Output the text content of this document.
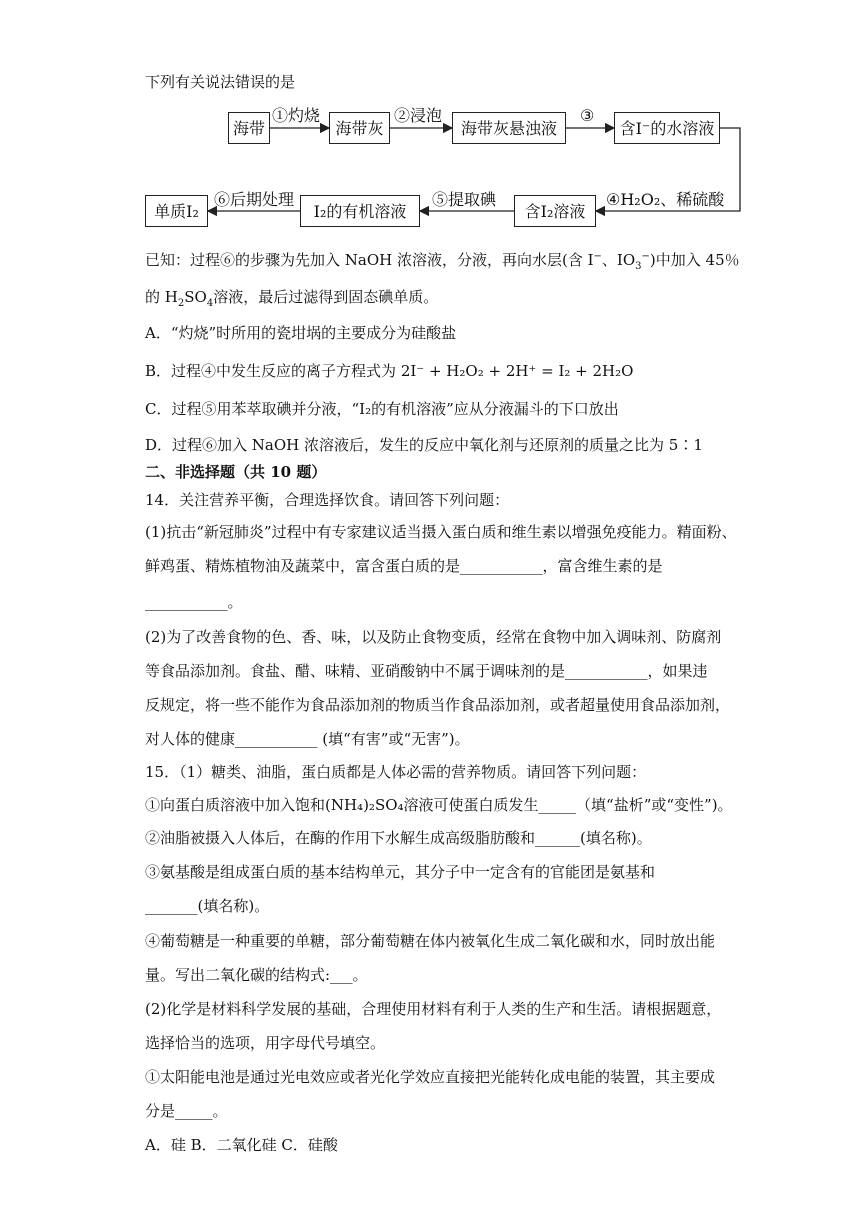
下列有关说法错误的是
海带	海带灰	海带灰悬浊液	含I⁻的水溶液
含I₂溶液
I₂的有机溶液
单质I₂
①灼烧	②浸泡	③
④H₂O₂、稀硫酸
⑤提取碘
⑥后期处理
已知：过程⑥的步骤为先加入 NaOH 浓溶液，分液，再向水层(含 I−、$IO_3^-$)中加入 45％
的 $H_2SO_4$溶液，最后过滤得到固态碘单质。
A．“灼烧”时所用的瓷坩埚的主要成分为硅酸盐
B．过程④中发生反应的离子方程式为 2I⁻ + H₂O₂ + 2H⁺ = I₂ + 2H₂O
C．过程⑤用苯萃取碘并分液，“I₂的有机溶液”应从分液漏斗的下口放出
D．过程⑥加入 NaOH 浓溶液后，发生的反应中氧化剂与还原剂的质量之比为 5∶1
二、非选择题（共 10 题）
14．关注营养平衡，合理选择饮食。请回答下列问题：
(1)抗击“新冠肺炎”过程中有专家建议适当摄入蛋白质和维生素以增强免疫能力。精面粉、
鲜鸡蛋、精炼植物油及蔬菜中，富含蛋白质的是___________，富含维生素的是
___________。
(2)为了改善食物的色、香、味，以及防止食物变质，经常在食物中加入调味剂、防腐剂
等食品添加剂。食盐、醋、味精、亚硝酸钠中不属于调味剂的是___________，如果违
反规定，将一些不能作为食品添加剂的物质当作食品添加剂，或者超量使用食品添加剂，
对人体的健康___________ (填“有害”或“无害”)。
15．（1）糖类、油脂，蛋白质都是人体必需的营养物质。请回答下列问题：
①向蛋白质溶液中加入饱和(NH₄)₂SO₄溶液可使蛋白质发生_____（填“盐析”或“变性”)。
②油脂被摄入人体后，在酶的作用下水解生成高级脂肪酸和______(填名称)。
③氨基酸是组成蛋白质的基本结构单元，其分子中一定含有的官能团是氨基和
_______(填名称)。
④葡萄糖是一种重要的单糖，部分葡萄糖在体内被氧化生成二氧化碳和水，同时放出能
量。写出二氧化碳的结构式:___。
(2)化学是材料科学发展的基础，合理使用材料有利于人类的生产和生活。请根据题意，
选择恰当的选项，用字母代号填空。
①太阳能电池是通过光电效应或者光化学效应直接把光能转化成电能的装置，其主要成
分是_____。
A．硅 B．二氧化硅 C．硅酸
